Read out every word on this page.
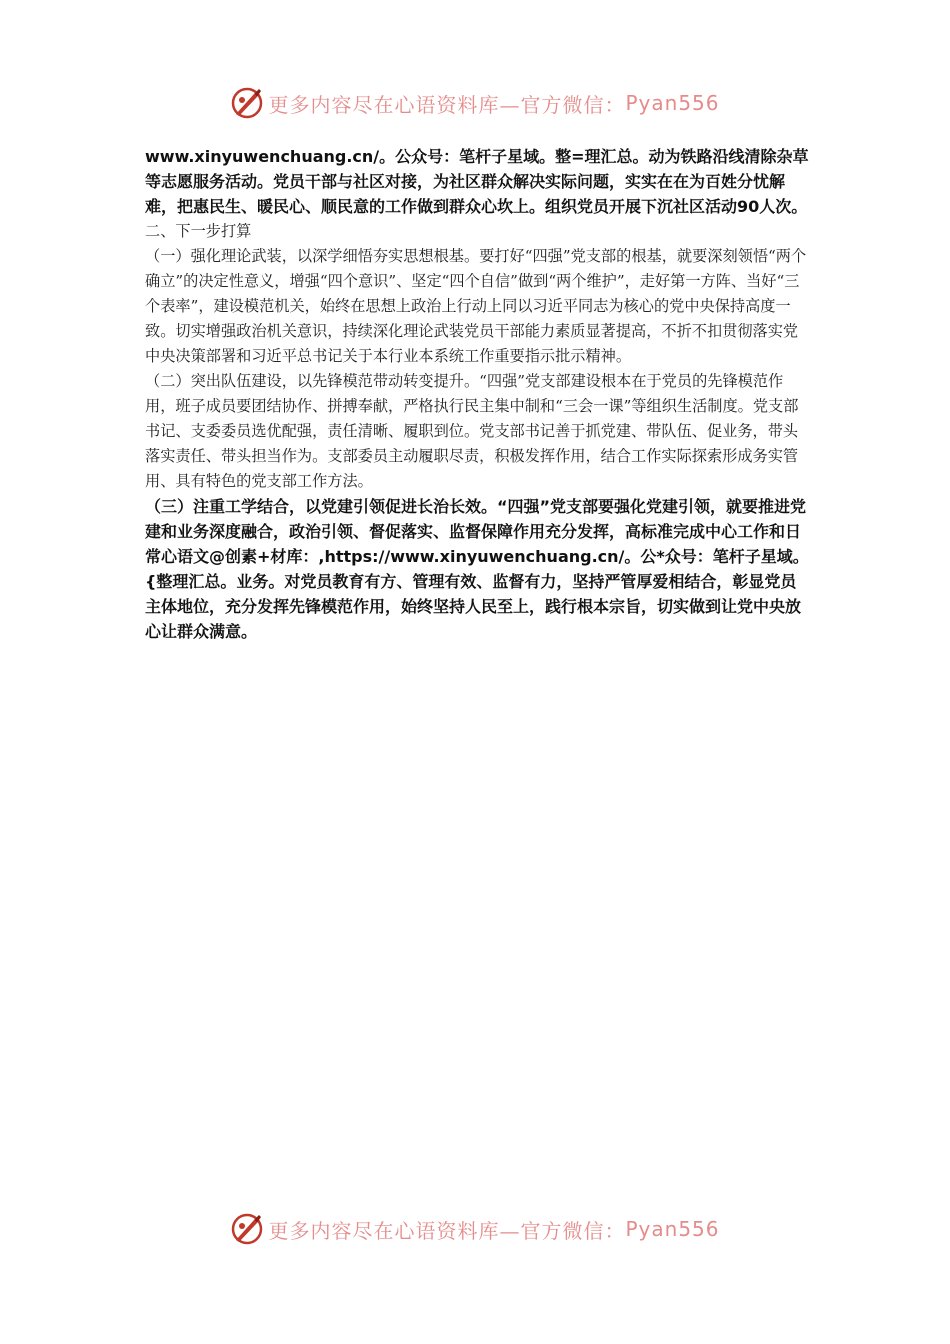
更多内容尽在心语资料库—官方微信： Pyan556

www.xinyuwenchuang.cn/。公众号：笔杆子星域。整=理汇总。动为铁路沿线清除杂草等志愿服务活动。党员干部与社区对接，为社区群众解决实际问题，实实在在为百姓分忧解难，把惠民生、暖民心、顺民意的工作做到群众心坎上。组织党员开展下沉社区活动90人次。

二、下一步打算

（一）强化理论武装，以深学细悟夯实思想根基。要打好“四强”党支部的根基，就要深刻领悟“两个确立”的决定性意义，增强“四个意识”、坚定“四个自信”做到“两个维护”，走好第一方阵、当好“三个表率”，建设模范机关，始终在思想上政治上行动上同以习近平同志为核心的党中央保持高度一致。切实增强政治机关意识，持续深化理论武装党员干部能力素质显著提高，不折不扣贯彻落实党中央决策部署和习近平总书记关于本行业本系统工作重要指示批示精神。

（二）突出队伍建设，以先锋模范带动转变提升。“四强”党支部建设根本在于党员的先锋模范作用，班子成员要团结协作、拼搏奉献，严格执行民主集中制和“三会一课”等组织生活制度。党支部书记、支委委员选优配强，责任清晰、履职到位。党支部书记善于抓党建、带队伍、促业务，带头落实责任、带头担当作为。支部委员主动履职尽责，积极发挥作用，结合工作实际探索形成务实管用、具有特色的党支部工作方法。

（三）注重工学结合，以党建引领促进长治长效。“四强”党支部要强化党建引领，就要推进党建和业务深度融合，政治引领、督促落实、监督保障作用充分发挥，高标准完成中心工作和日常心语文@创素+材库：,https://www.xinyuwenchuang.cn/。公*众号：笔杆子星域。{整理汇总。业务。对党员教育有方、管理有效、监督有力，坚持严管厚爱相结合，彰显党员主体地位，充分发挥先锋模范作用，始终坚持人民至上，践行根本宗旨，切实做到让党中央放心让群众满意。

更多内容尽在心语资料库—官方微信： Pyan556
